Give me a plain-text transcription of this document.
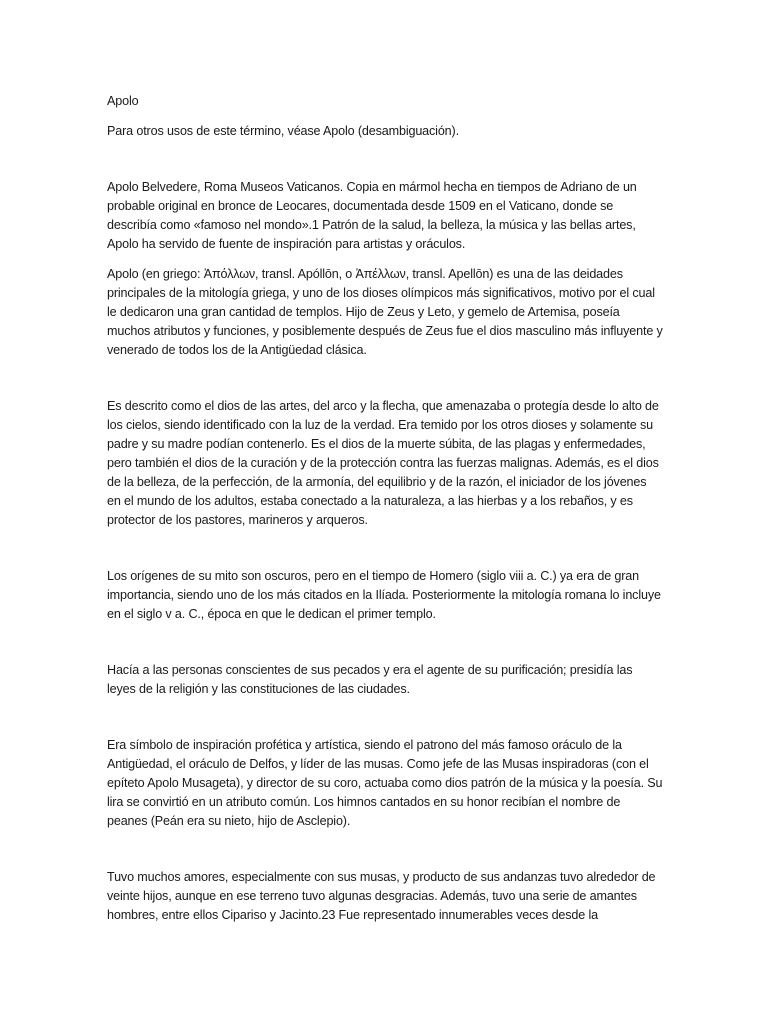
Apolo

Para otros usos de este término, véase Apolo (desambiguación).

Apolo Belvedere, Roma Museos Vaticanos. Copia en mármol hecha en tiempos de Adriano de un probable original en bronce de Leocares, documentada desde 1509 en el Vaticano, donde se describía como «famoso nel mondo».1 Patrón de la salud, la belleza, la música y las bellas artes, Apolo ha servido de fuente de inspiración para artistas y oráculos.

Apolo (en griego: Ἀπόλλων, transl. Apóllōn, o Ἀπέλλων, transl. Apellōn) es una de las deidades principales de la mitología griega, y uno de los dioses olímpicos más significativos, motivo por el cual le dedicaron una gran cantidad de templos. Hijo de Zeus y Leto, y gemelo de Artemisa, poseía muchos atributos y funciones, y posiblemente después de Zeus fue el dios masculino más influyente y venerado de todos los de la Antigüedad clásica.

Es descrito como el dios de las artes, del arco y la flecha, que amenazaba o protegía desde lo alto de los cielos, siendo identificado con la luz de la verdad. Era temido por los otros dioses y solamente su padre y su madre podían contenerlo. Es el dios de la muerte súbita, de las plagas y enfermedades, pero también el dios de la curación y de la protección contra las fuerzas malignas. Además, es el dios de la belleza, de la perfección, de la armonía, del equilibrio y de la razón, el iniciador de los jóvenes en el mundo de los adultos, estaba conectado a la naturaleza, a las hierbas y a los rebaños, y es protector de los pastores, marineros y arqueros.

Los orígenes de su mito son oscuros, pero en el tiempo de Homero (siglo viii a. C.) ya era de gran importancia, siendo uno de los más citados en la Ilíada. Posteriormente la mitología romana lo incluye en el siglo v a. C., época en que le dedican el primer templo.

Hacía a las personas conscientes de sus pecados y era el agente de su purificación; presidía las leyes de la religión y las constituciones de las ciudades.

Era símbolo de inspiración profética y artística, siendo el patrono del más famoso oráculo de la Antigüedad, el oráculo de Delfos, y líder de las musas. Como jefe de las Musas inspiradoras (con el epíteto Apolo Musageta), y director de su coro, actuaba como dios patrón de la música y la poesía. Su lira se convirtió en un atributo común. Los himnos cantados en su honor recibían el nombre de peanes (Peán era su nieto, hijo de Asclepio).

Tuvo muchos amores, especialmente con sus musas, y producto de sus andanzas tuvo alrededor de veinte hijos, aunque en ese terreno tuvo algunas desgracias. Además, tuvo una serie de amantes hombres, entre ellos Cipariso y Jacinto.23 Fue representado innumerables veces desde la
